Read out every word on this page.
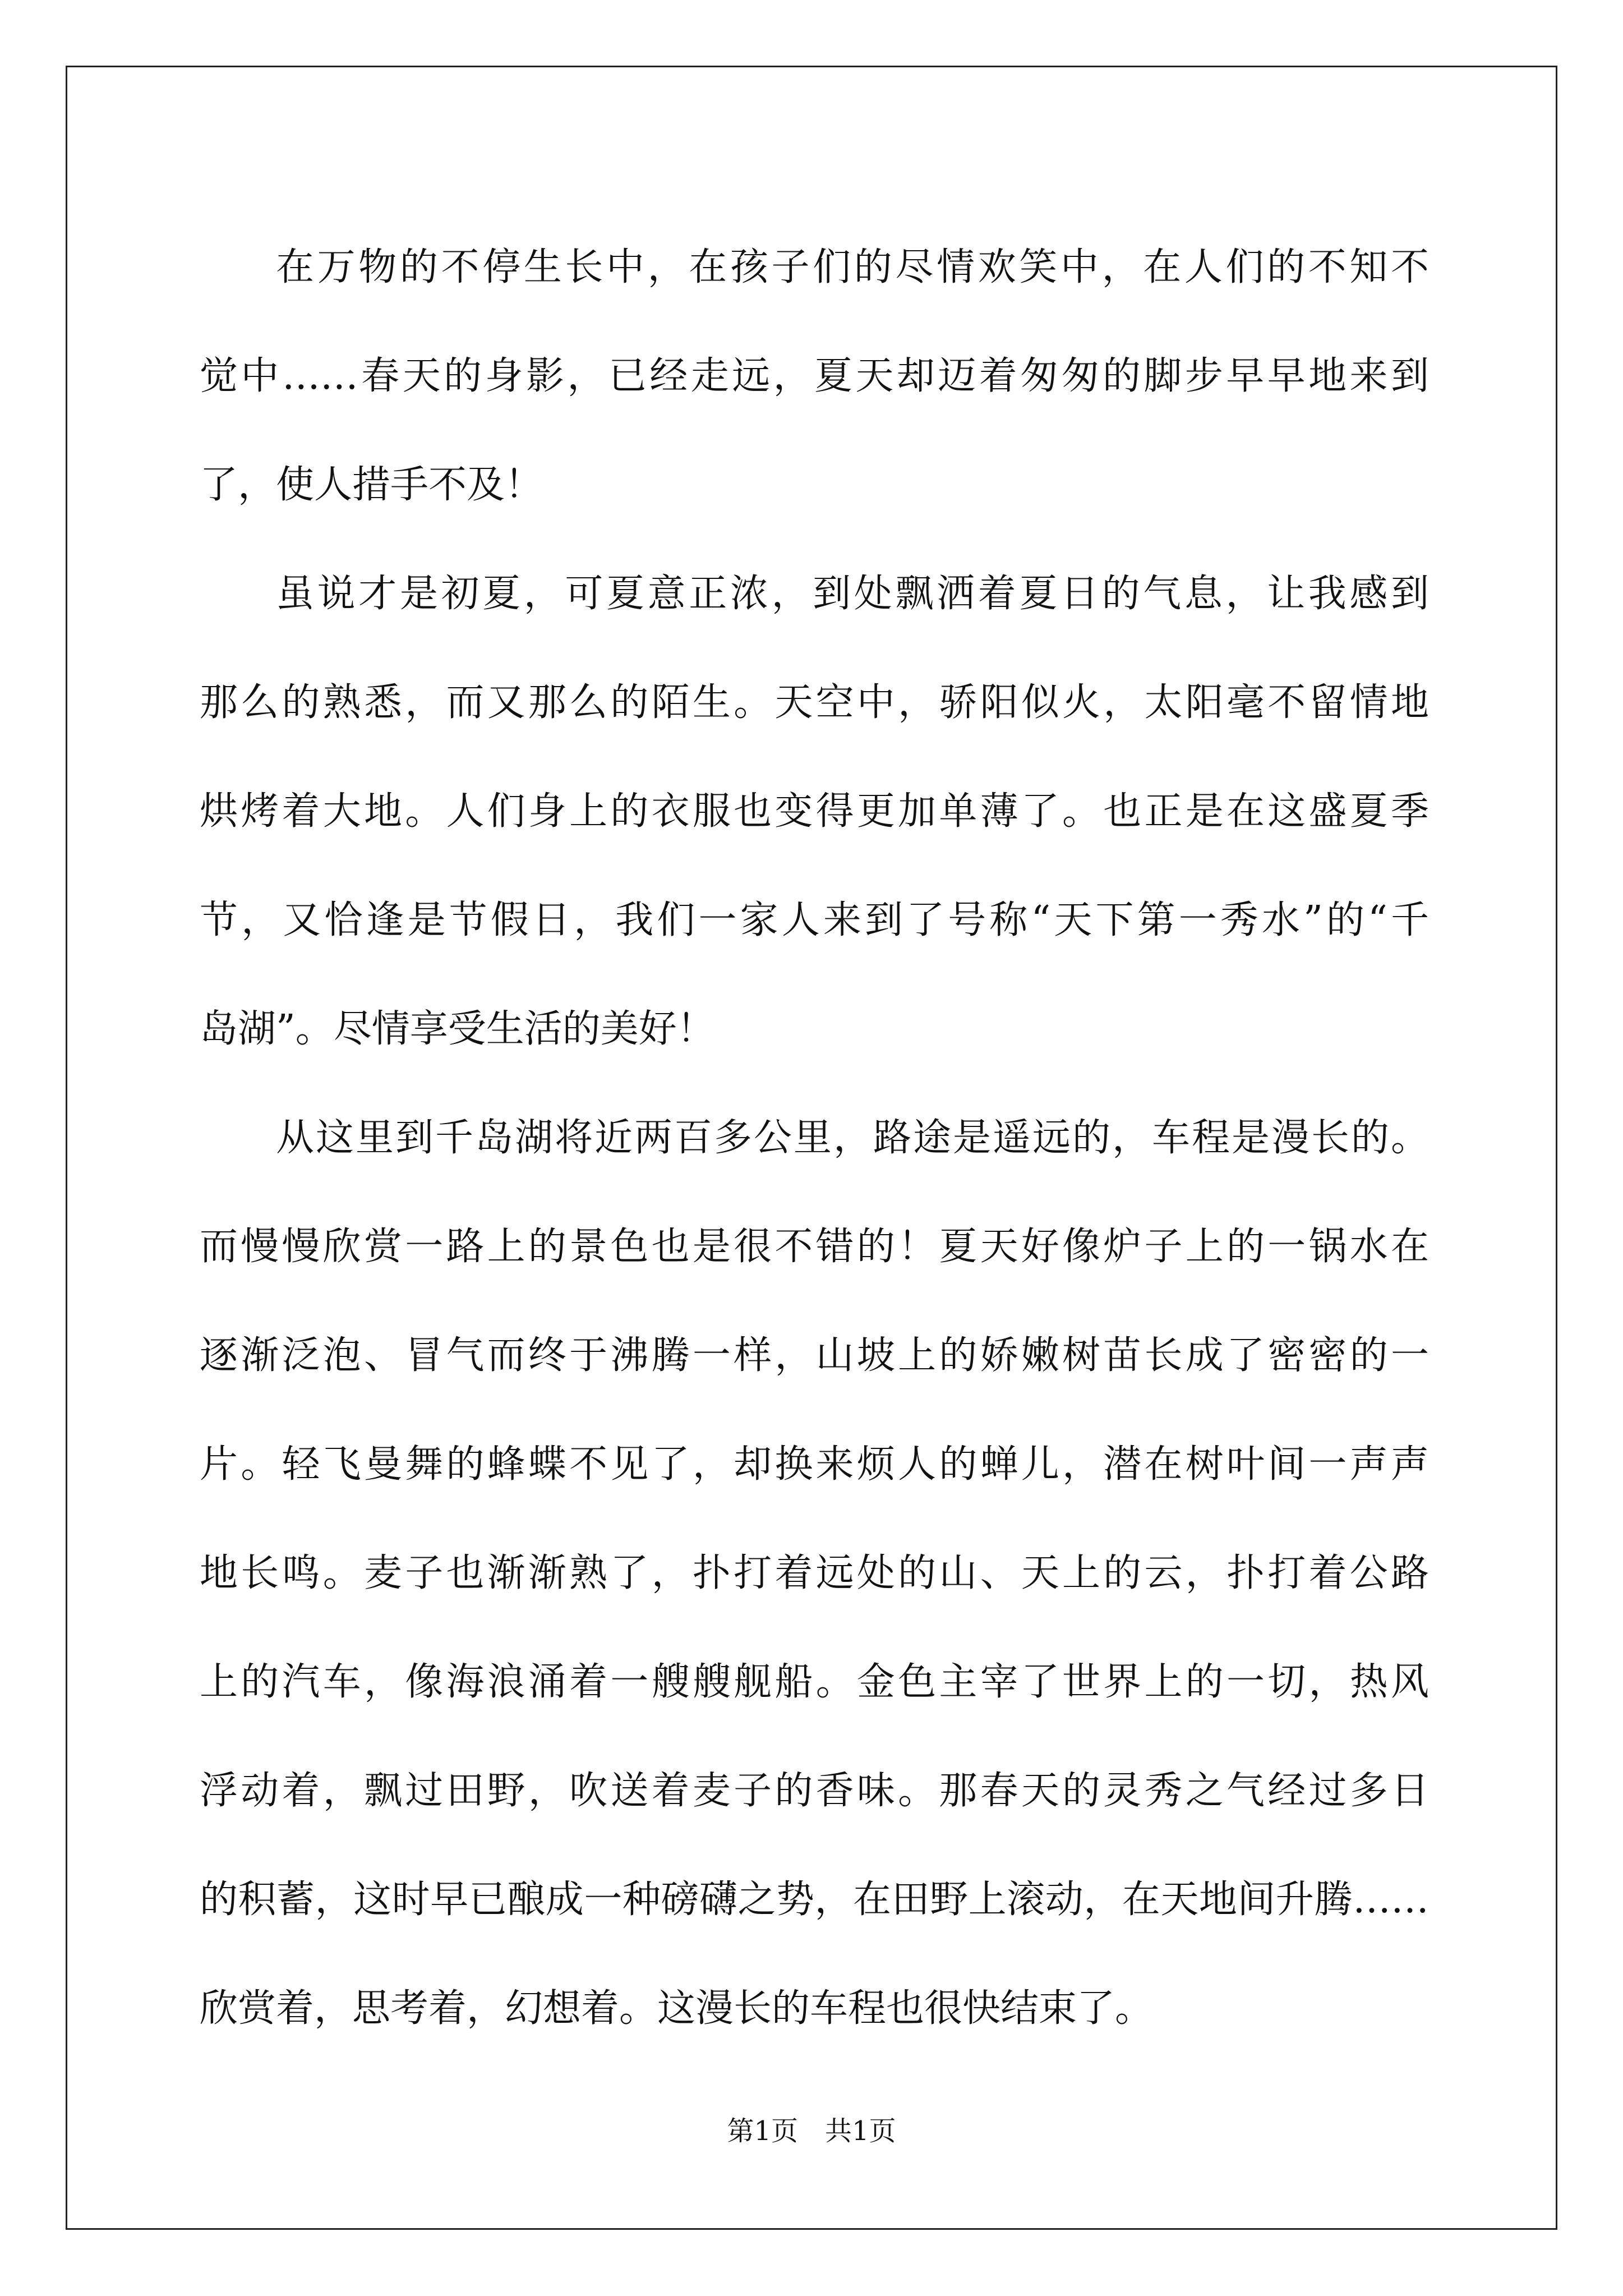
在万物的不停生长中，在孩子们的尽情欢笑中，在人们的不知不
觉中……春天的身影，已经走远，夏天却迈着匆匆的脚步早早地来到
了，使人措手不及！
虽说才是初夏，可夏意正浓，到处飘洒着夏日的气息，让我感到
那么的熟悉，而又那么的陌生。天空中，骄阳似火，太阳毫不留情地
烘烤着大地。人们身上的衣服也变得更加单薄了。也正是在这盛夏季
节，又恰逢是节假日，我们一家人来到了号称“天下第一秀水”的“千
岛湖”。尽情享受生活的美好！
从这里到千岛湖将近两百多公里，路途是遥远的，车程是漫长的。
而慢慢欣赏一路上的景色也是很不错的！夏天好像炉子上的一锅水在
逐渐泛泡、冒气而终于沸腾一样，山坡上的娇嫩树苗长成了密密的一
片。轻飞曼舞的蜂蝶不见了，却换来烦人的蝉儿，潜在树叶间一声声
地长鸣。麦子也渐渐熟了，扑打着远处的山、天上的云，扑打着公路
上的汽车，像海浪涌着一艘艘舰船。金色主宰了世界上的一切，热风
浮动着，飘过田野，吹送着麦子的香味。那春天的灵秀之气经过多日
的积蓄，这时早已酿成一种磅礴之势，在田野上滚动，在天地间升腾……
欣赏着，思考着，幻想着。这漫长的车程也很快结束了。
第1页　共1页
